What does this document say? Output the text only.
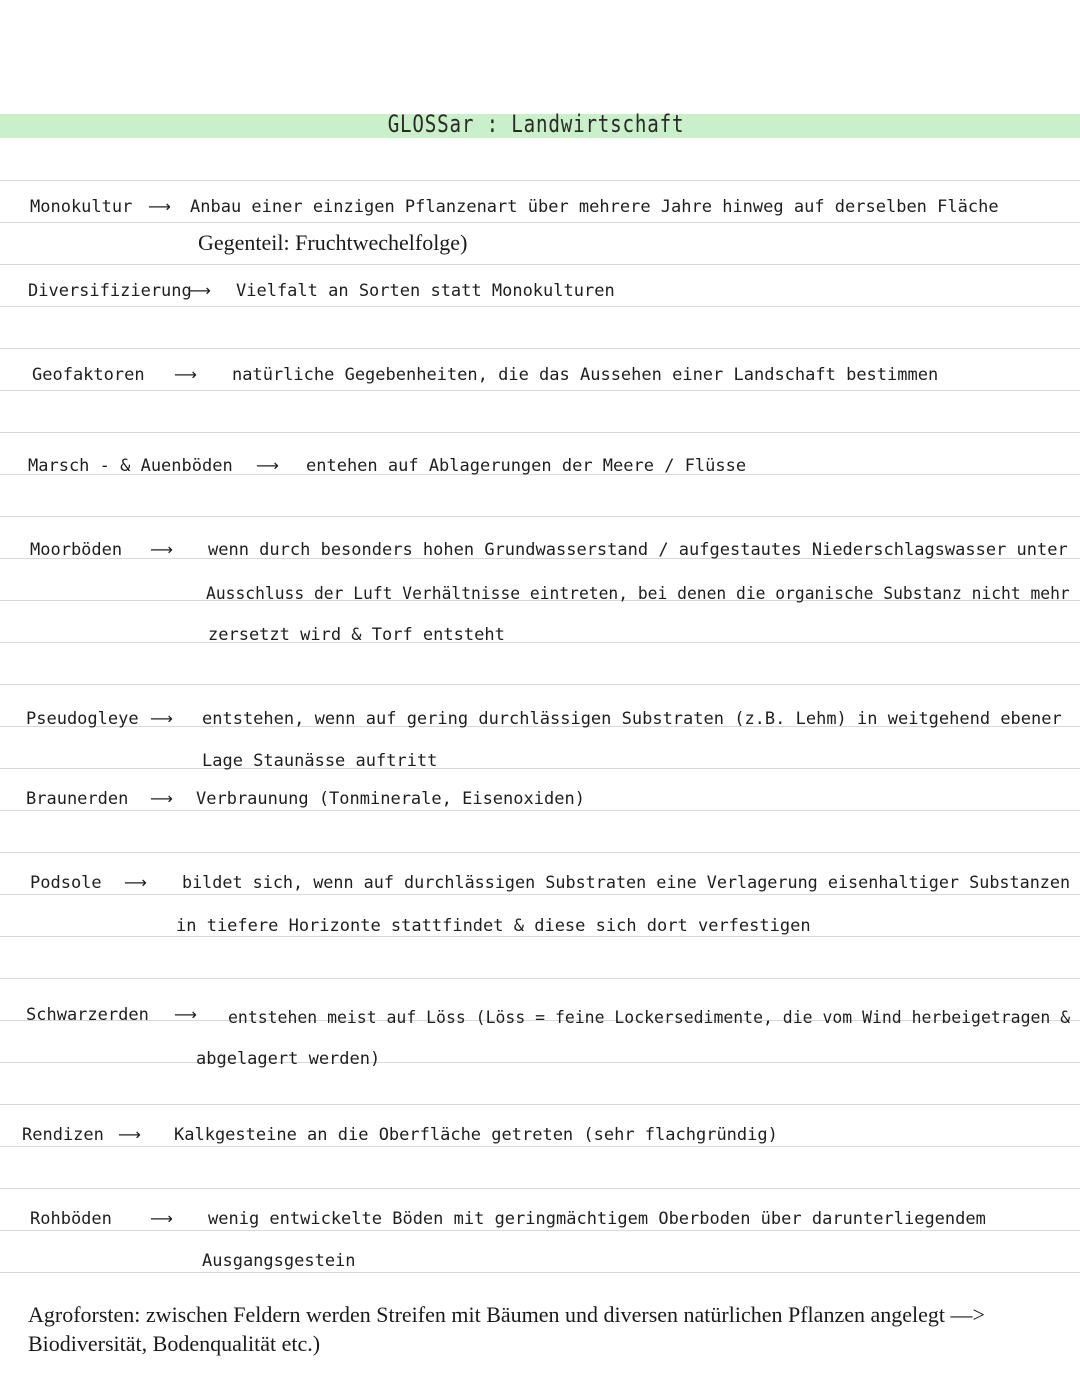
GLOSSar : Landwirtschaft
Monokultur ⟶ Anbau einer einzigen Pflanzenart über mehrere Jahre hinweg auf derselben Fläche
Gegenteil: Fruchtwechelfolge)
Diversifizierung
⟶ Vielfalt an Sorten statt Monokulturen
Geofaktoren ⟶ natürliche Gegebenheiten, die das Aussehen einer Landschaft bestimmen
Marsch - & Auenböden ⟶ entehen auf Ablagerungen der Meere / Flüsse
Moorböden ⟶ wenn durch besonders hohen Grundwasserstand / aufgestautes Niederschlagswasser unter
Ausschluss der Luft Verhältnisse eintreten, bei denen die organische Substanz nicht mehr
zersetzt wird & Torf entsteht
Pseudogleye ⟶ entstehen, wenn auf gering durchlässigen Substraten (z.B. Lehm) in weitgehend ebener
Lage Staunässe auftritt
Braunerden ⟶ Verbraunung (Tonminerale, Eisenoxiden)
Podsole ⟶ bildet sich, wenn auf durchlässigen Substraten eine Verlagerung eisenhaltiger Substanzen
in tiefere Horizonte stattfindet & diese sich dort verfestigen
Schwarzerden ⟶ entstehen meist auf Löss (Löss = feine Lockersedimente, die vom Wind herbeigetragen &
abgelagert werden)
Rendizen ⟶ Kalkgesteine an die Oberfläche getreten (sehr flachgründig)
Rohböden ⟶ wenig entwickelte Böden mit geringmächtigem Oberboden über darunterliegendem
Ausgangsgestein
Agroforsten: zwischen Feldern werden Streifen mit Bäumen und diversen natürlichen Pflanzen angelegt —> Biodiversität, Bodenqualität etc.)
